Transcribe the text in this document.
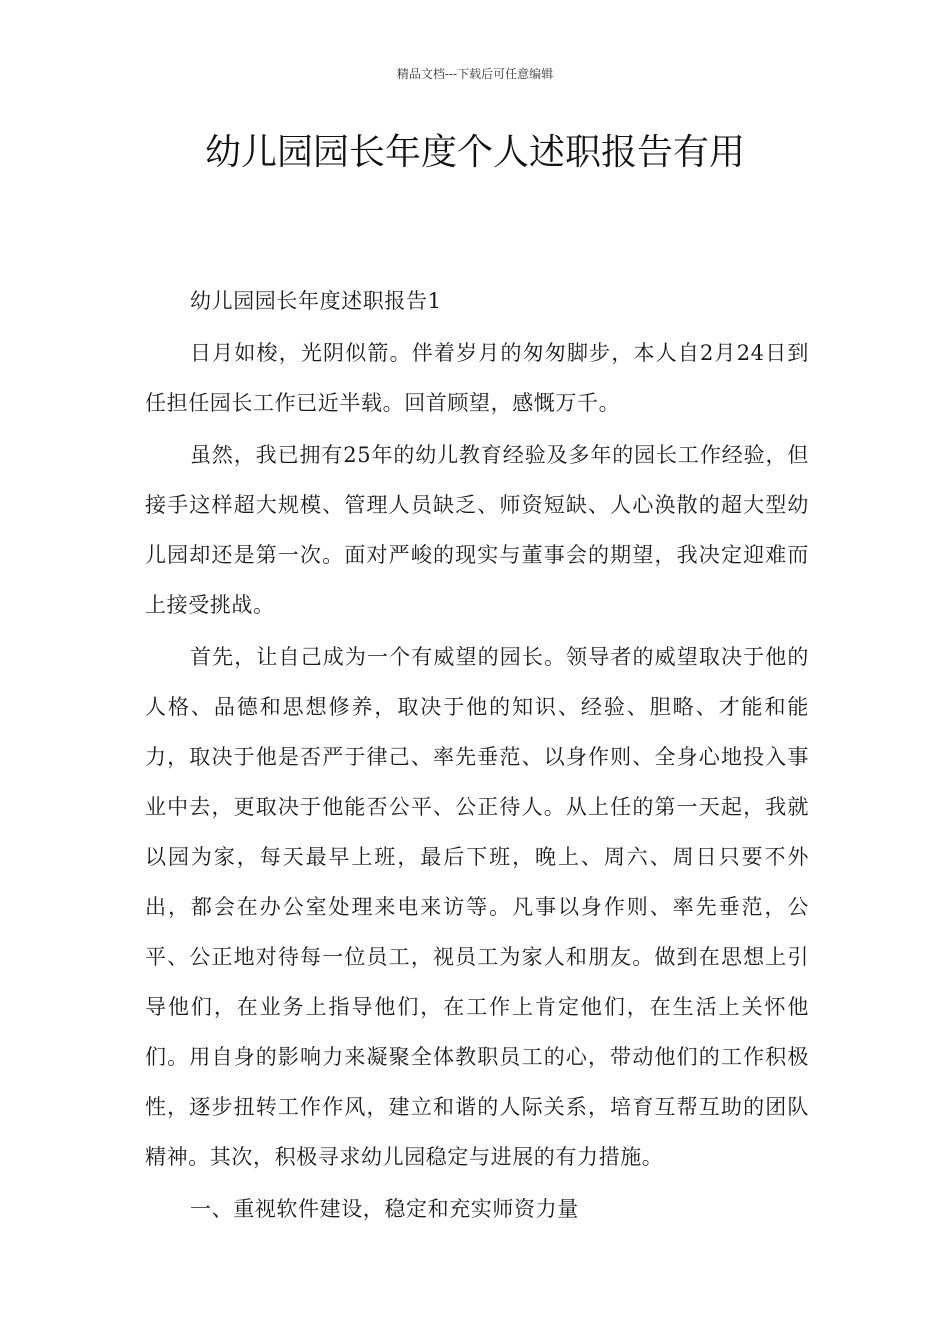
精品文档---下载后可任意编辑
幼儿园园长年度个人述职报告有用

幼儿园园长年度述职报告1

日月如梭，光阴似箭。伴着岁月的匆匆脚步，本人自2月24日到任担任园长工作已近半载。回首顾望，感慨万千。

虽然，我已拥有25年的幼儿教育经验及多年的园长工作经验，但接手这样超大规模、管理人员缺乏、师资短缺、人心涣散的超大型幼儿园却还是第一次。面对严峻的现实与董事会的期望，我决定迎难而上接受挑战。

首先，让自己成为一个有威望的园长。领导者的威望取决于他的人格、品德和思想修养，取决于他的知识、经验、胆略、才能和能力，取决于他是否严于律己、率先垂范、以身作则、全身心地投入事业中去，更取决于他能否公平、公正待人。从上任的第一天起，我就以园为家，每天最早上班，最后下班，晚上、周六、周日只要不外出，都会在办公室处理来电来访等。凡事以身作则、率先垂范，公平、公正地对待每一位员工，视员工为家人和朋友。做到在思想上引导他们，在业务上指导他们，在工作上肯定他们，在生活上关怀他们。用自身的影响力来凝聚全体教职员工的心，带动他们的工作积极性，逐步扭转工作作风，建立和谐的人际关系，培育互帮互助的团队精神。其次，积极寻求幼儿园稳定与进展的有力措施。

一、重视软件建设，稳定和充实师资力量
